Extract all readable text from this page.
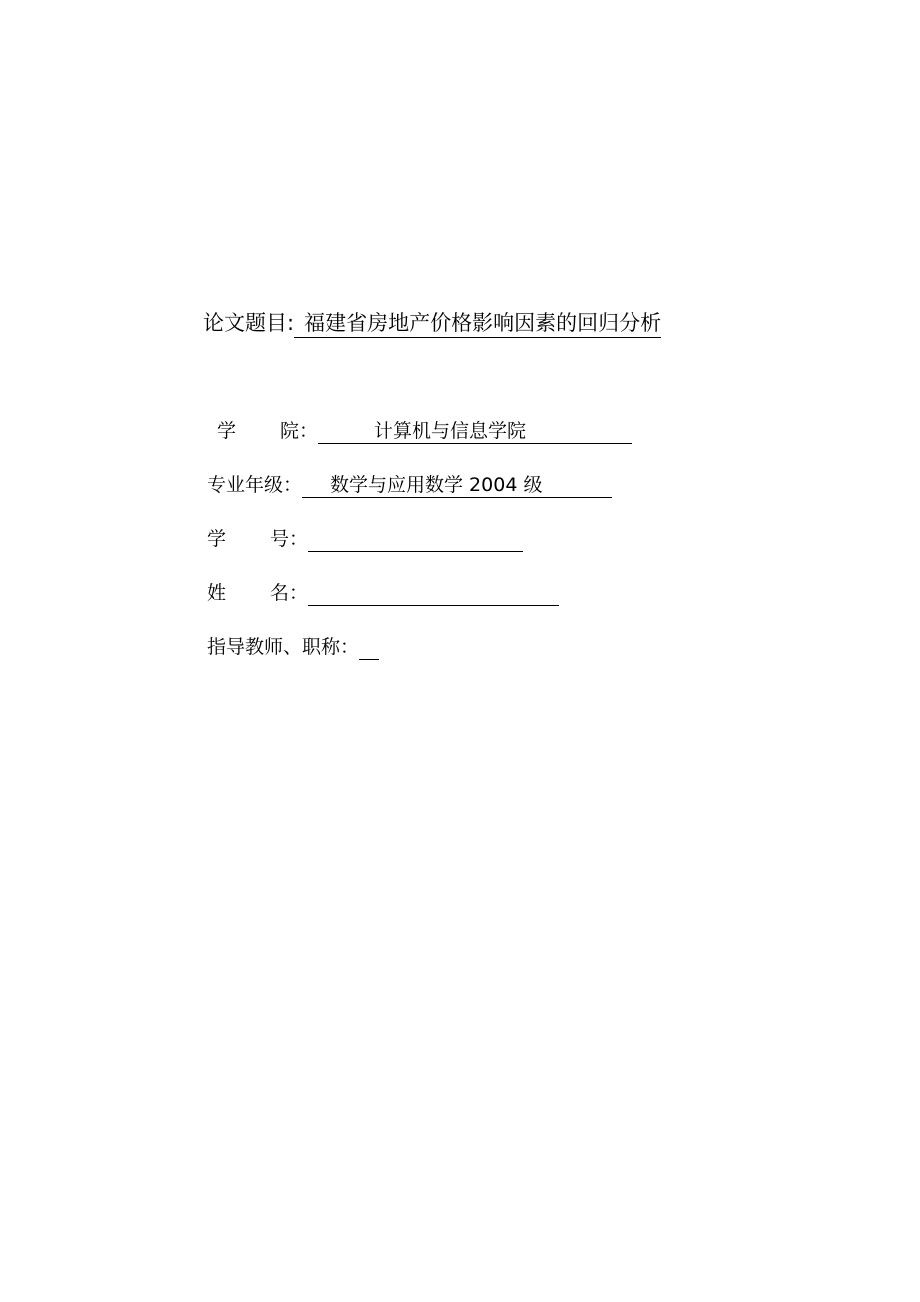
论文题目: 福建省房地产价格影响因素的回归分析
学 院：	计算机与信息学院
专业年级：	数学与应用数学 2004 级
学 号：
姓 名：
指导教师、职称：
